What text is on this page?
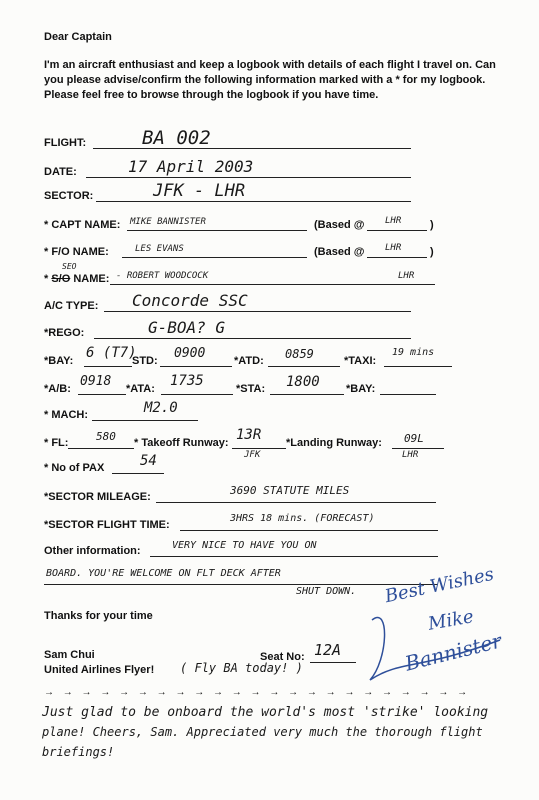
Dear Captain
I'm an aircraft enthusiast and keep a logbook with details of each flight I travel on. Can you please advise/confirm the following information marked with a * for my logbook. Please feel free to browse through the logbook if you have time.
FLIGHT:	BA 002
DATE:	17 April 2003
SECTOR:	JFK - LHR
* CAPT NAME: MIKE BANNISTER	(Based @ LHR	)
* F/O NAME:	LES EVANS	(Based @ LHR	)
* S/O NAME:
SEO
- ROBERT WOODCOCK	LHR
A/C TYPE: Concorde SSC
*REGO:	G-BOA? G
*BAY: 6 (T7)
STD: 0900	*ATD: 0859	*TAXI:
19 mins
*A/B: 0918 *ATA: 1735	*STA: 1800 *BAY:
* MACH:	M2.0
* FL:	580 * Takeoff Runway: 13R
JFK
*Landing Runway: 09L
LHR
* No of PAX	54
*SECTOR MILEAGE:	3690 STATUTE MILES
*SECTOR FLIGHT TIME:
3HRS 18 mins. (FORECAST)
Other information:	VERY NICE TO HAVE YOU ON
BOARD. YOU'RE WELCOME ON FLT DECK AFTER
SHUT DOWN.
Thanks for your time
Sam Chui	Seat No: 12A
United Airlines Flyer! ( Fly BA today! )
→ → → → → → → → → → → → → → → → → → → → → → →
Just glad to be onboard the world's most 'strike' looking
plane! Cheers, Sam. Appreciated very much the thorough flight
briefings!
Best Wishes
Mike
Bannister
